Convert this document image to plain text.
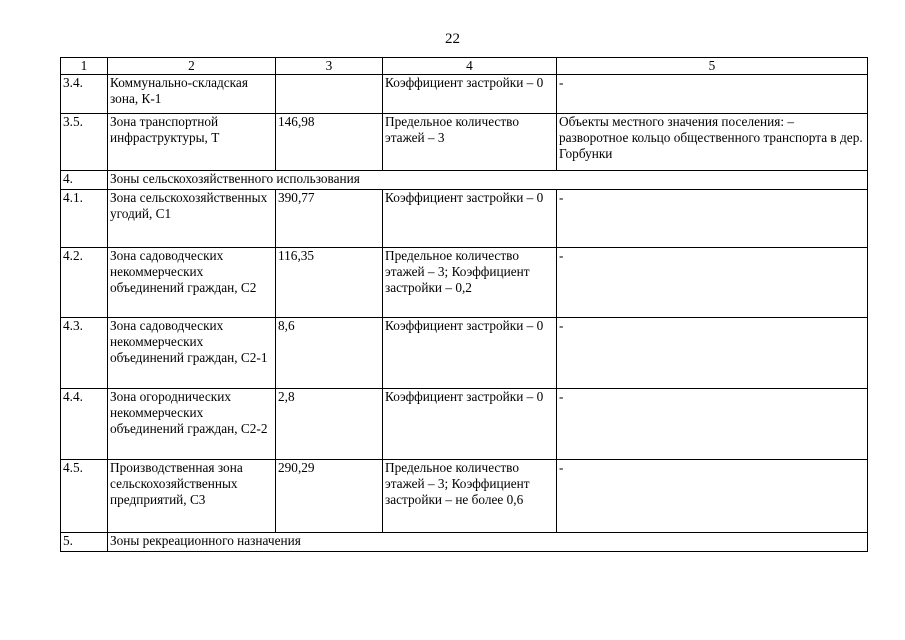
22
1	2	3	4	5
3.4.	Коммунально-складская зона, К-1		Коэффициент застройки – 0	-
3.5.	Зона транспортной инфраструктуры, Т	146,98	Предельное количество этажей – 3	Объекты местного значения поселения: – разворотное кольцо общественного транспорта в дер. Горбунки
4.	Зоны сельскохозяйственного использования			
4.1.	Зона сельскохозяйственных угодий, С1	390,77	Коэффициент застройки – 0	-
4.2.	Зона садоводческих некоммерческих объединений граждан, С2	116,35	Предельное количество этажей – 3; Коэффициент застройки – 0,2	-
4.3.	Зона садоводческих некоммерческих объединений граждан, С2-1	8,6	Коэффициент застройки – 0	-
4.4.	Зона огороднических некоммерческих объединений граждан, С2-2	2,8	Коэффициент застройки – 0	-
4.5.	Производственная зона сельскохозяйственных предприятий, С3	290,29	Предельное количество этажей – 3; Коэффициент застройки – не более 0,6	-
5.	Зоны рекреационного назначения			
